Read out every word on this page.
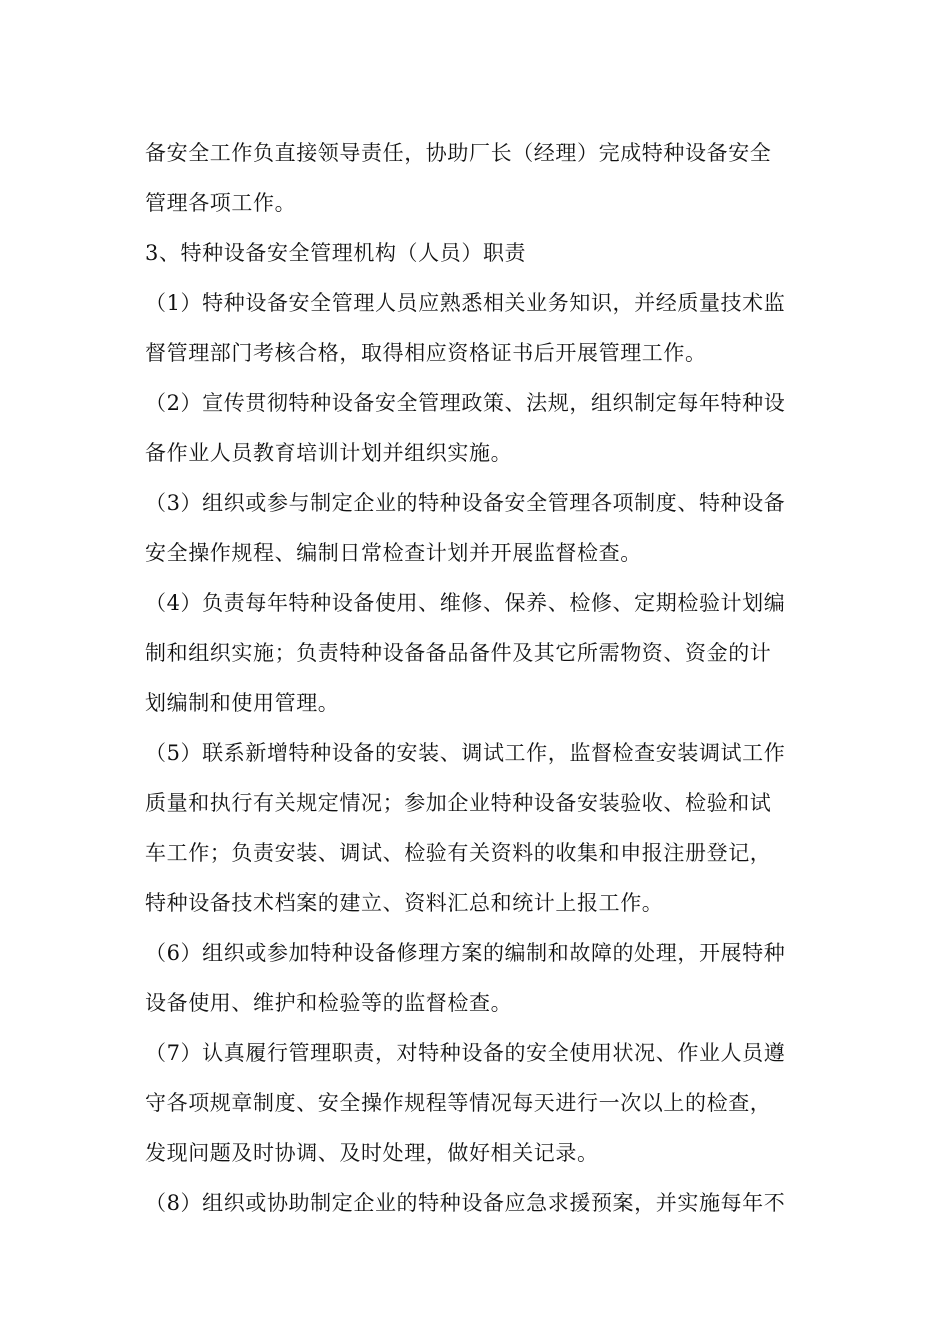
备安全工作负直接领导责任，协助厂长（经理）完成特种设备安全
管理各项工作。
3、特种设备安全管理机构（人员）职责
（1）特种设备安全管理人员应熟悉相关业务知识，并经质量技术监
督管理部门考核合格，取得相应资格证书后开展管理工作。
（2）宣传贯彻特种设备安全管理政策、法规，组织制定每年特种设
备作业人员教育培训计划并组织实施。
（3）组织或参与制定企业的特种设备安全管理各项制度、特种设备
安全操作规程、编制日常检查计划并开展监督检查。
（4）负责每年特种设备使用、维修、保养、检修、定期检验计划编
制和组织实施；负责特种设备备品备件及其它所需物资、资金的计
划编制和使用管理。
（5）联系新增特种设备的安装、调试工作，监督检查安装调试工作
质量和执行有关规定情况；参加企业特种设备安装验收、检验和试
车工作；负责安装、调试、检验有关资料的收集和申报注册登记，
特种设备技术档案的建立、资料汇总和统计上报工作。
（6）组织或参加特种设备修理方案的编制和故障的处理，开展特种
设备使用、维护和检验等的监督检查。
（7）认真履行管理职责，对特种设备的安全使用状况、作业人员遵
守各项规章制度、安全操作规程等情况每天进行一次以上的检查，
发现问题及时协调、及时处理，做好相关记录。
（8）组织或协助制定企业的特种设备应急求援预案，并实施每年不
